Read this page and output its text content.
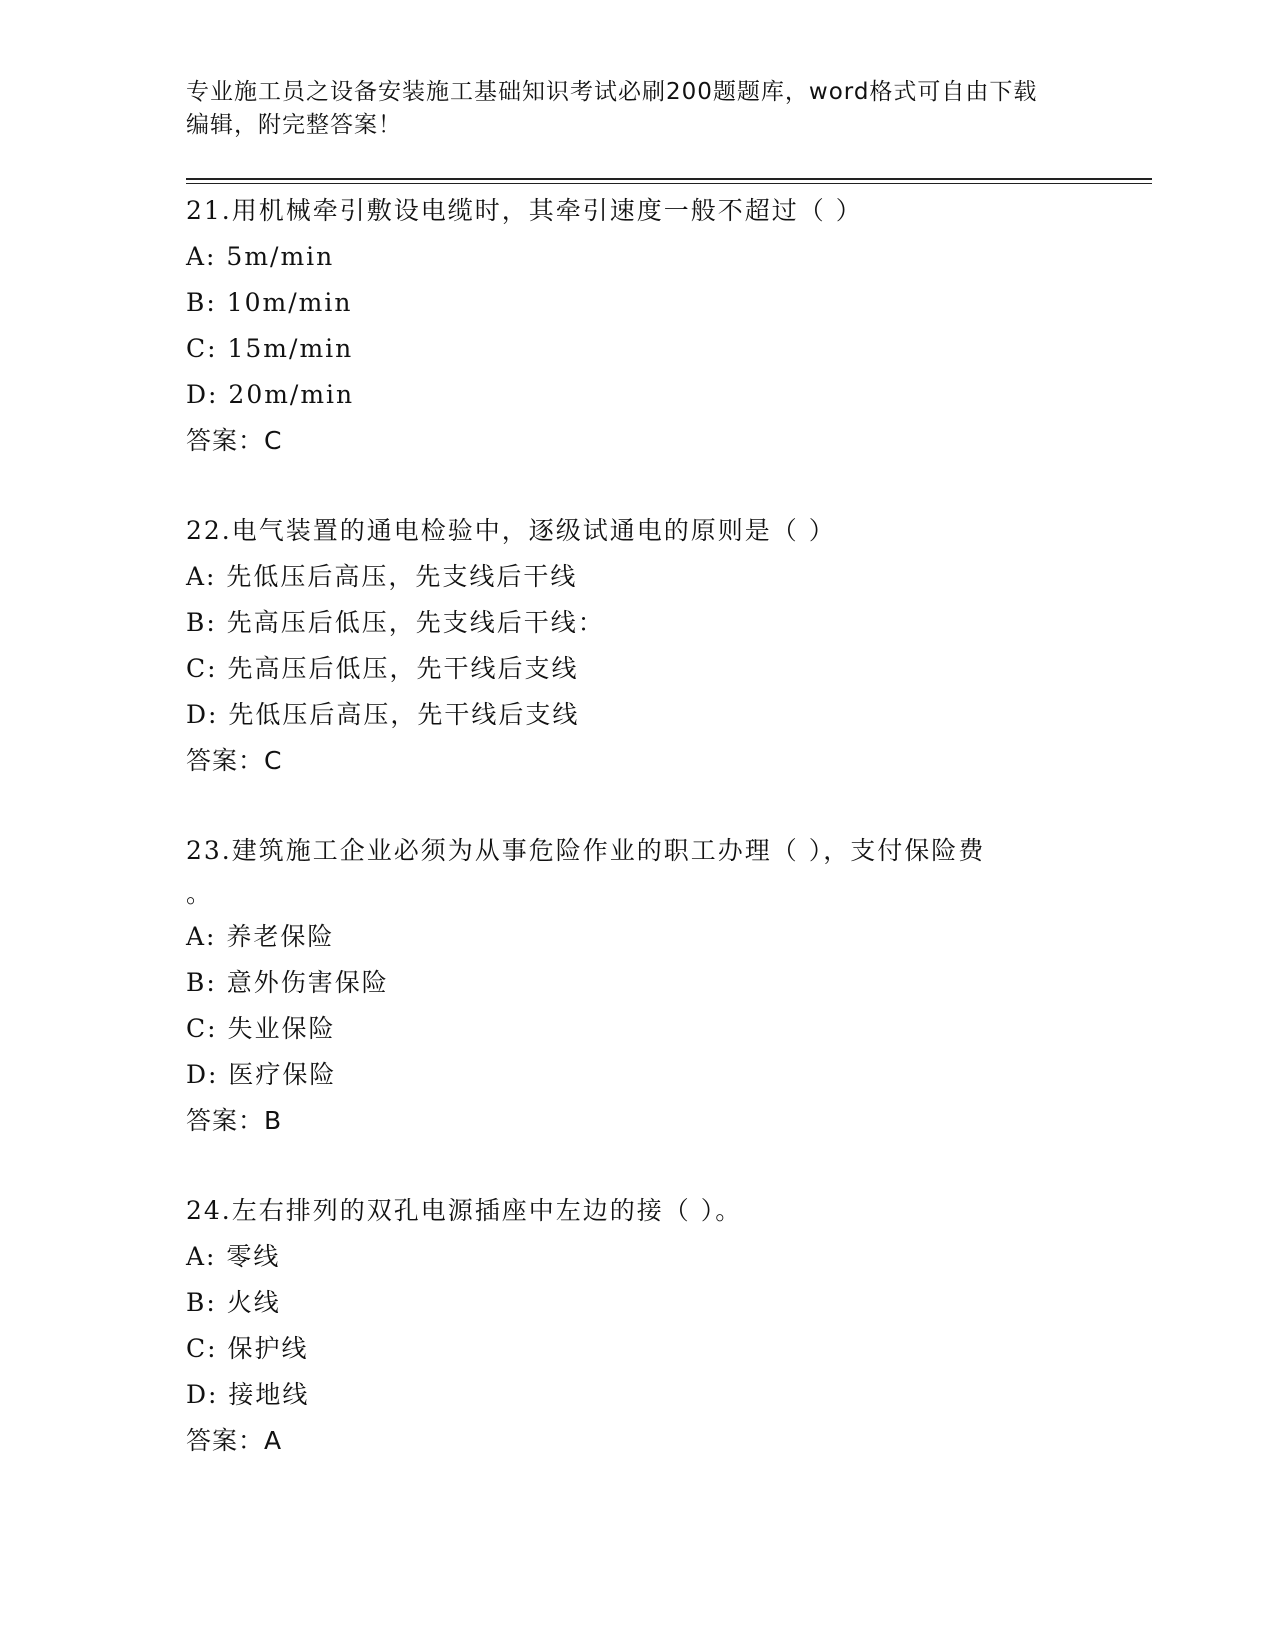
专业施工员之设备安装施工基础知识考试必刷200题题库，word格式可自由下载
编辑，附完整答案！
21.用机械牵引敷设电缆时，其牵引速度一般不超过（ ）
A: 5m/min
B: 10m/min
C: 15m/min
D: 20m/min
答案：C
22.电气装置的通电检验中，逐级试通电的原则是（ ）
A: 先低压后高压，先支线后干线
B: 先高压后低压，先支线后干线：
C: 先高压后低压，先干线后支线
D: 先低压后高压，先干线后支线
答案：C
23.建筑施工企业必须为从事危险作业的职工办理（ ），支付保险费
。
A: 养老保险
B: 意外伤害保险
C: 失业保险
D: 医疗保险
答案：B
24.左右排列的双孔电源插座中左边的接（ ）。
A: 零线
B: 火线
C: 保护线
D: 接地线
答案：A
